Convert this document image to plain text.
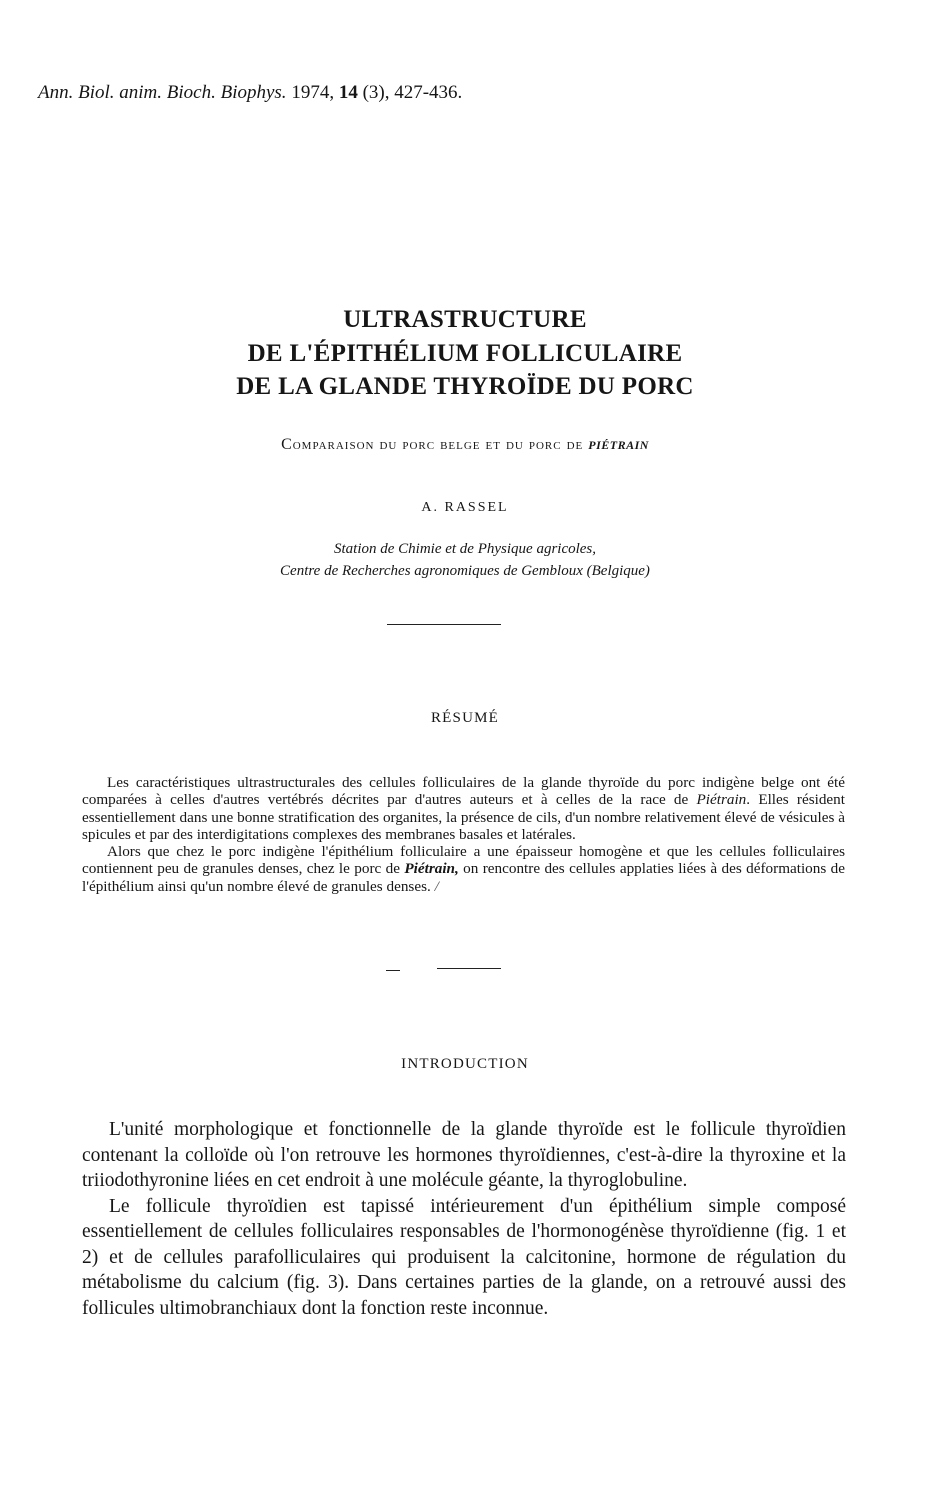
Ann. Biol. anim. Bioch. Biophys. 1974, 14 (3), 427-436.
ULTRASTRUCTURE
DE L'ÉPITHÉLIUM FOLLICULAIRE
DE LA GLANDE THYROÏDE DU PORC
Comparaison du porc belge et du porc de PIÉTRAIN
A. RASSEL
Station de Chimie et de Physique agricoles,
Centre de Recherches agronomiques de Gembloux (Belgique)
RÉSUMÉ

Les caractéristiques ultrastructurales des cellules folliculaires de la glande thyroïde du porc indigène belge ont été comparées à celles d'autres vertébrés décrites par d'autres auteurs et à celles de la race de Piétrain. Elles résident essentiellement dans une bonne stratification des organites, la présence de cils, d'un nombre relativement élevé de vésicules à spicules et par des interdigitations complexes des membranes basales et latérales.

Alors que chez le porc indigène l'épithélium folliculaire a une épaisseur homogène et que les cellules folliculaires contiennent peu de granules denses, chez le porc de Piétrain, on rencontre des cellules applaties liées à des déformations de l'épithélium ainsi qu'un nombre élevé de granules denses. /

INTRODUCTION

L'unité morphologique et fonctionnelle de la glande thyroïde est le follicule thyroïdien contenant la colloïde où l'on retrouve les hormones thyroïdiennes, c'est-à-dire la thyroxine et la triiodothyronine liées en cet endroit à une molécule géante, la thyroglobuline.

Le follicule thyroïdien est tapissé intérieurement d'un épithélium simple composé essentiellement de cellules folliculaires responsables de l'hormonogénèse thyroïdienne (fig. 1 et 2) et de cellules parafolliculaires qui produisent la calcitonine, hormone de régulation du métabolisme du calcium (fig. 3). Dans certaines parties de la glande, on a retrouvé aussi des follicules ultimobranchiaux dont la fonction reste inconnue.
